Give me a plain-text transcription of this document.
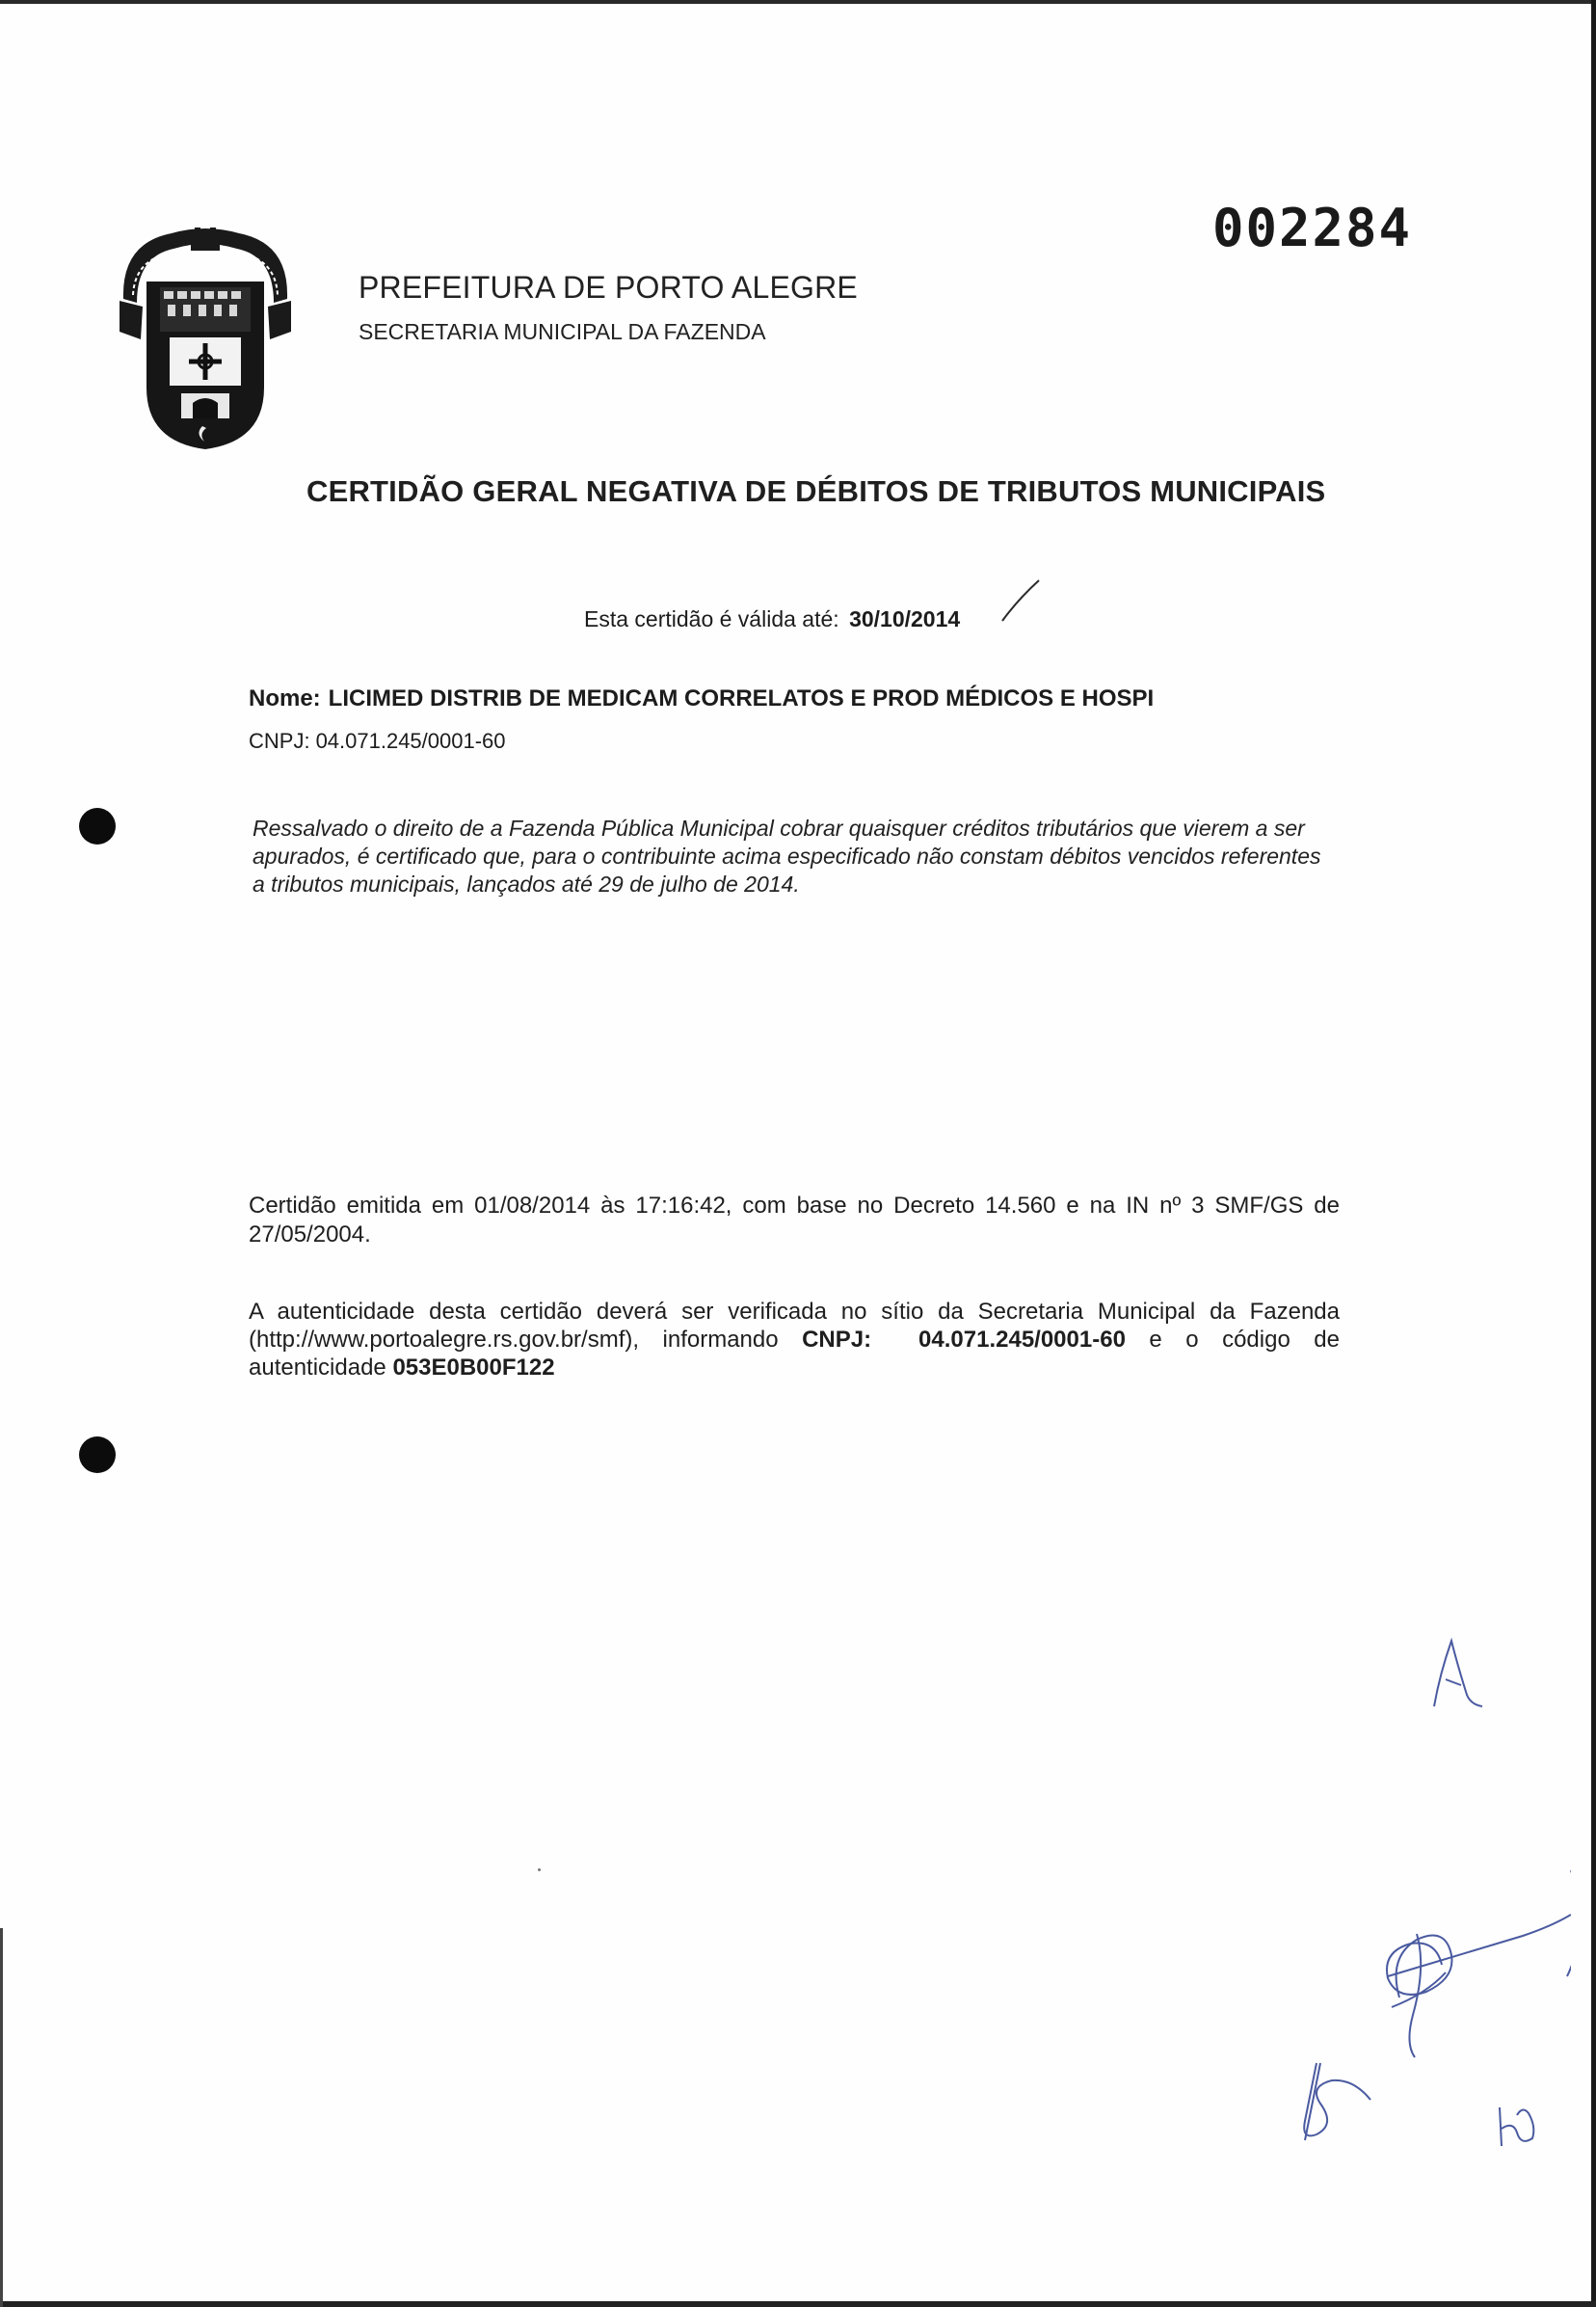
PREFEITURA DE PORTO ALEGRE
SECRETARIA MUNICIPAL DA FAZENDA
002284
CERTIDÃO GERAL NEGATIVA DE DÉBITOS DE TRIBUTOS MUNICIPAIS
Esta certidão é válida até: 30/10/2014
Nome: LICIMED DISTRIB DE MEDICAM CORRELATOS E PROD MÉDICOS E HOSPI
CNPJ: 04.071.245/0001-60
Ressalvado o direito de a Fazenda Pública Municipal cobrar quaisquer créditos tributários que vierem a ser apurados, é certificado que, para o contribuinte acima especificado não constam débitos vencidos referentes a tributos municipais, lançados até 29 de julho de 2014.
Certidão emitida em 01/08/2014 às 17:16:42, com base no Decreto 14.560 e na IN nº 3 SMF/GS de 27/05/2004.
A autenticidade desta certidão deverá ser verificada no sítio da Secretaria Municipal da Fazenda (http://www.portoalegre.rs.gov.br/smf), informando CNPJ: 04.071.245/0001-60 e o código de autenticidade 053E0B00F122
